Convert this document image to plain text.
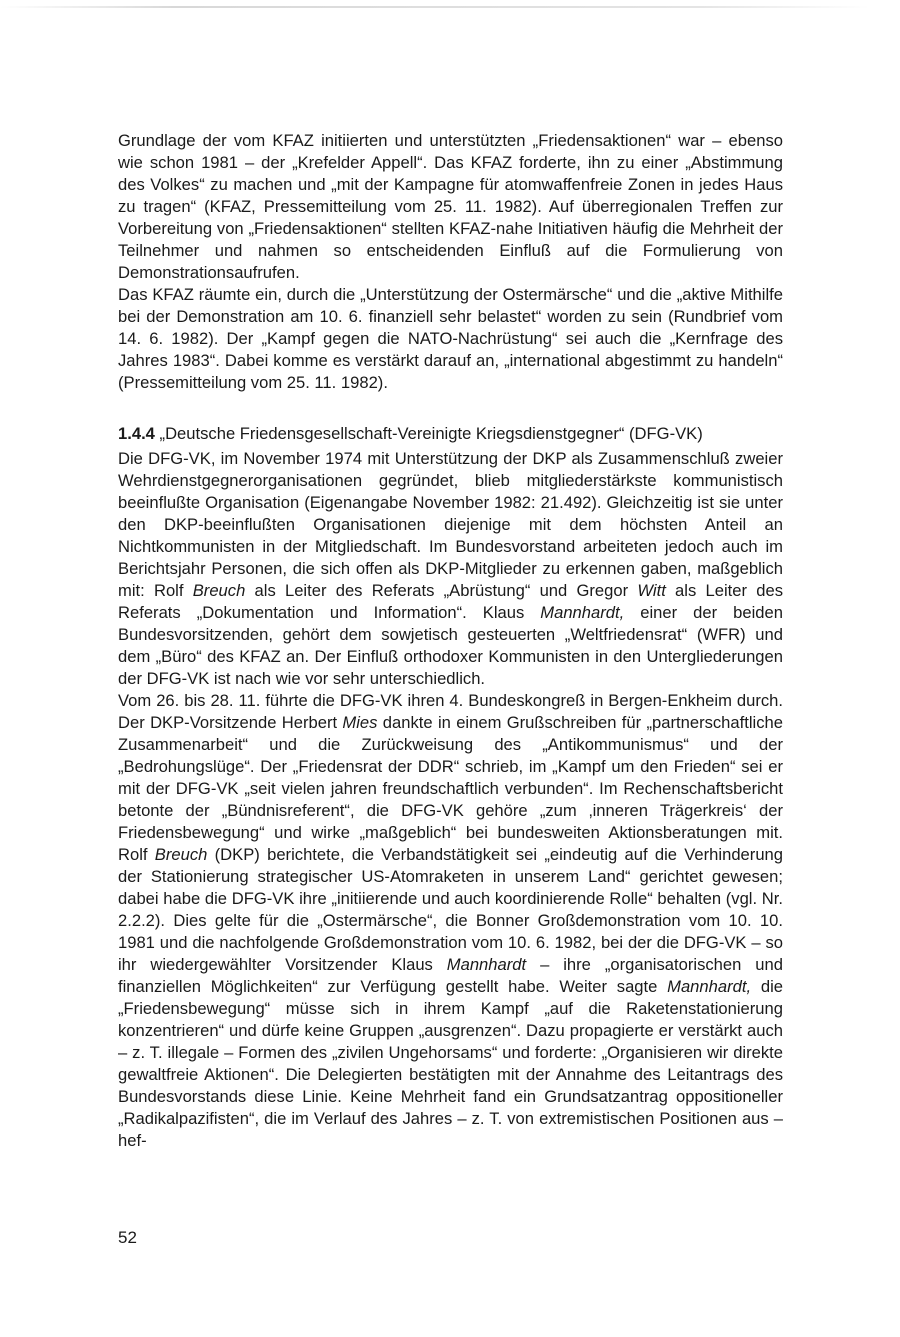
Grundlage der vom KFAZ initiierten und unterstützten „Friedensaktionen“ war – ebenso wie schon 1981 – der „Krefelder Appell“. Das KFAZ forderte, ihn zu einer „Abstimmung des Volkes“ zu machen und „mit der Kampagne für atomwaffenfreie Zonen in jedes Haus zu tragen“ (KFAZ, Pressemitteilung vom 25. 11. 1982). Auf überregionalen Treffen zur Vorbereitung von „Friedensaktionen“ stellten KFAZ-nahe Initiativen häufig die Mehrheit der Teilnehmer und nahmen so entscheidenden Einfluß auf die Formulierung von Demonstrationsaufrufen.

Das KFAZ räumte ein, durch die „Unterstützung der Ostermärsche“ und die „aktive Mithilfe bei der Demonstration am 10. 6. finanziell sehr belastet“ worden zu sein (Rundbrief vom 14. 6. 1982). Der „Kampf gegen die NATO-Nachrüstung“ sei auch die „Kernfrage des Jahres 1983“. Dabei komme es verstärkt darauf an, „international abgestimmt zu handeln“ (Pressemitteilung vom 25. 11. 1982).

1.4.4 „Deutsche Friedensgesellschaft-Vereinigte Kriegsdienstgegner“ (DFG-VK)

Die DFG-VK, im November 1974 mit Unterstützung der DKP als Zusammenschluß zweier Wehrdienstgegnerorganisationen gegründet, blieb mitgliederstärkste kommunistisch beeinflußte Organisation (Eigenangabe November 1982: 21.492). Gleichzeitig ist sie unter den DKP-beeinflußten Organisationen diejenige mit dem höchsten Anteil an Nichtkommunisten in der Mitgliedschaft. Im Bundesvorstand arbeiteten jedoch auch im Berichtsjahr Personen, die sich offen als DKP-Mitglieder zu erkennen gaben, maßgeblich mit: Rolf Breuch als Leiter des Referats „Abrüstung“ und Gregor Witt als Leiter des Referats „Dokumentation und Information“. Klaus Mannhardt, einer der beiden Bundesvorsitzenden, gehört dem sowjetisch gesteuerten „Weltfriedensrat“ (WFR) und dem „Büro“ des KFAZ an. Der Einfluß orthodoxer Kommunisten in den Untergliederungen der DFG-VK ist nach wie vor sehr unterschiedlich.

Vom 26. bis 28. 11. führte die DFG-VK ihren 4. Bundeskongreß in Bergen-Enkheim durch. Der DKP-Vorsitzende Herbert Mies dankte in einem Grußschreiben für „partnerschaftliche Zusammenarbeit“ und die Zurückweisung des „Antikommunismus“ und der „Bedrohungslüge“. Der „Friedensrat der DDR“ schrieb, im „Kampf um den Frieden“ sei er mit der DFG-VK „seit vielen jahren freundschaftlich verbunden“. Im Rechenschaftsbericht betonte der „Bündnisreferent“, die DFG-VK gehöre „zum ‚inneren Trägerkreis‘ der Friedensbewegung“ und wirke „maßgeblich“ bei bundesweiten Aktionsberatungen mit. Rolf Breuch (DKP) berichtete, die Verbandstätigkeit sei „eindeutig auf die Verhinderung der Stationierung strategischer US-Atomraketen in unserem Land“ gerichtet gewesen; dabei habe die DFG-VK ihre „initiierende und auch koordinierende Rolle“ behalten (vgl. Nr. 2.2.2). Dies gelte für die „Ostermärsche“, die Bonner Großdemonstration vom 10. 10. 1981 und die nachfolgende Großdemonstration vom 10. 6. 1982, bei der die DFG-VK – so ihr wiedergewählter Vorsitzender Klaus Mannhardt – ihre „organisatorischen und finanziellen Möglichkeiten“ zur Verfügung gestellt habe. Weiter sagte Mannhardt, die „Friedensbewegung“ müsse sich in ihrem Kampf „auf die Raketenstationierung konzentrieren“ und dürfe keine Gruppen „ausgrenzen“. Dazu propagierte er verstärkt auch – z. T. illegale – Formen des „zivilen Ungehorsams“ und forderte: „Organisieren wir direkte gewaltfreie Aktionen“. Die Delegierten bestätigten mit der Annahme des Leitantrags des Bundesvorstands diese Linie. Keine Mehrheit fand ein Grundsatzantrag oppositioneller „Radikalpazifisten“, die im Verlauf des Jahres – z. T. von extremistischen Positionen aus – hef-

52
